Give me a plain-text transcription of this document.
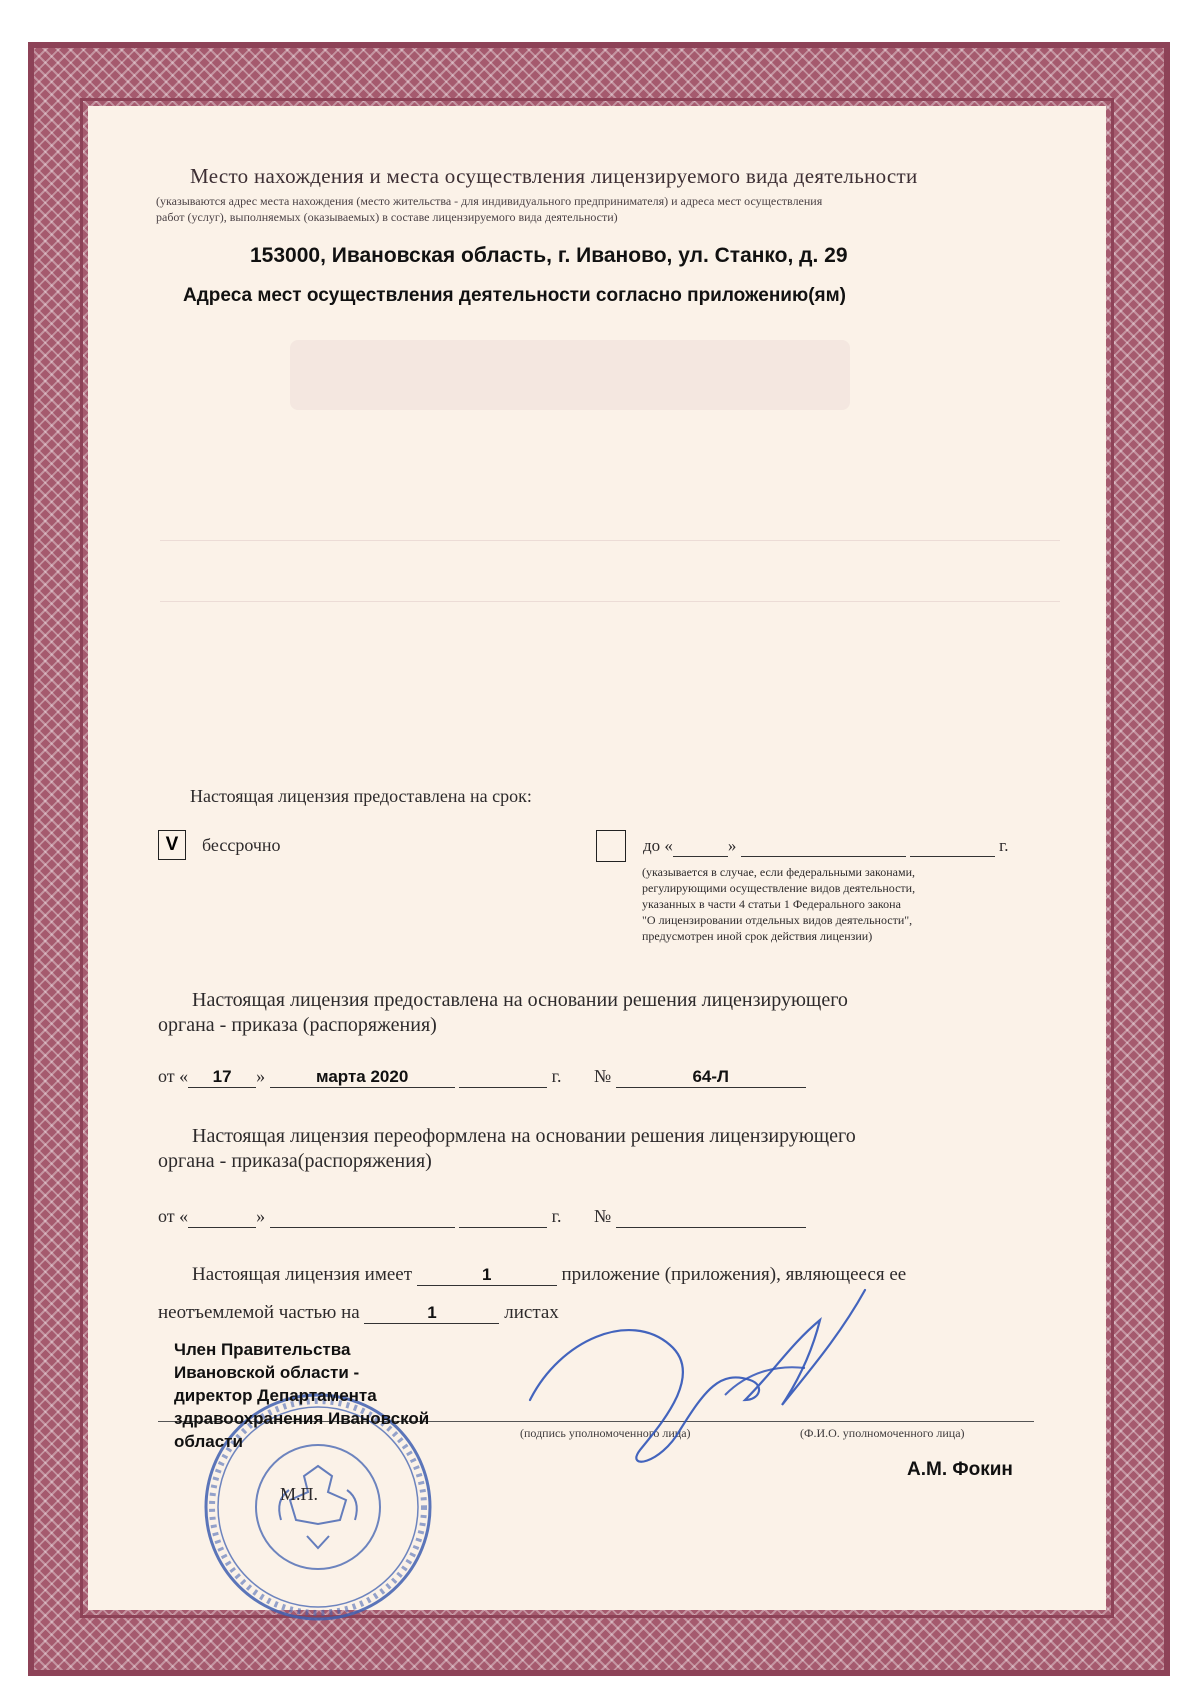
Место нахождения и места осуществления лицензируемого вида деятельности
(указываются адрес места нахождения (место жительства - для индивидуального предпринимателя) и адреса мест осуществления
работ (услуг), выполняемых (оказываемых) в составе лицензируемого вида деятельности)
153000, Ивановская область, г. Иваново, ул. Станко, д. 29
Адреса мест осуществления деятельности согласно приложению(ям)
Настоящая лицензия предоставлена на срок:
V	бессрочно	до «	»	г.
(указывается в случае, если федеральными законами,
регулирующими осуществление видов деятельности,
указанных в части 4 статьи 1 Федерального закона
"О лицензировании отдельных видов деятельности",
предусмотрен иной срок действия лицензии)
Настоящая лицензия предоставлена на основании решения лицензирующего
органа - приказа (распоряжения)
от « 17 »	марта 2020	г. №	64-Л
Настоящая лицензия переоформлена на основании решения лицензирующего
органа - приказа(распоряжения)
от «	»	г. №
Настоящая лицензия имеет	1	приложение (приложения), являющееся ее
неотъемлемой частью на	1	листах
(подпись уполномоченного лица)	(Ф.И.О. уполномоченного лица)
А.М. Фокин
М.П.
Член Правительства
Ивановской области -
директор Департамента
здравоохранения Ивановской
области
